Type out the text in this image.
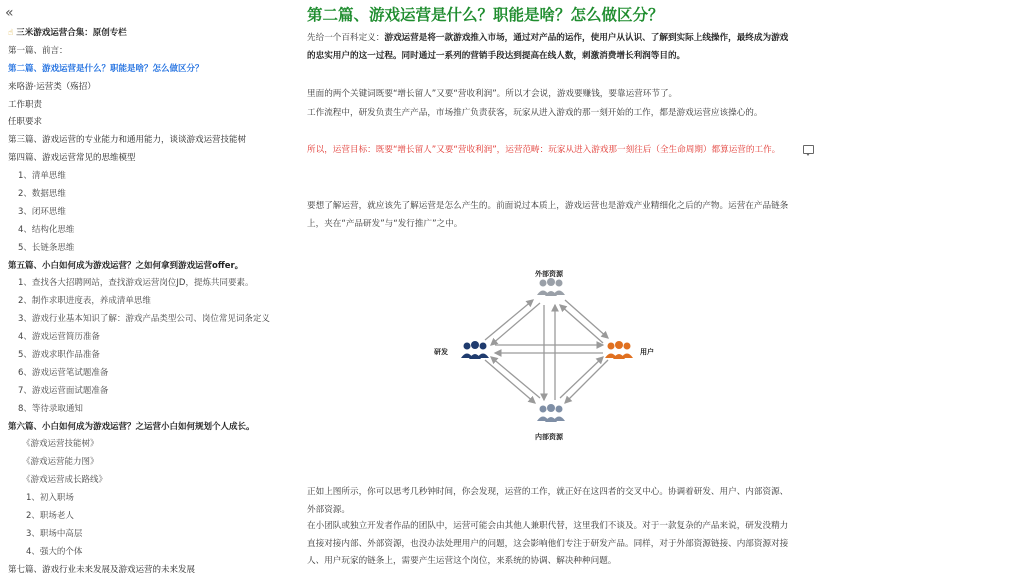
«
☝ 三米游戏运营合集：原创专栏
第一篇、前言：
第二篇、游戏运营是什么？职能是啥？怎么做区分？
来咯游·运营类（殇招）
工作职责
任职要求
第三篇、游戏运营的专业能力和通用能力，谈谈游戏运营技能树
第四篇、游戏运营常见的思维模型
1、清单思维
2、数据思维
3、闭环思维
4、结构化思维
5、长链条思维
第五篇、小白如何成为游戏运营？之如何拿到游戏运营offer。
1、查找各大招聘网站，查找游戏运营岗位JD，提炼共同要素。
2、制作求职进度表，养成清单思维
3、游戏行业基本知识了解：游戏产品类型公司、岗位常见词条定义
4、游戏运营简历准备
5、游戏求职作品准备
6、游戏运营笔试题准备
7、游戏运营面试题准备
8、等待录取通知
第六篇、小白如何成为游戏运营？之运营小白如何规划个人成长。
《游戏运营技能树》
《游戏运营能力图》
《游戏运营成长路线》
1、初入职场
2、职场老人
3、职场中高层
4、强大的个体
第七篇、游戏行业未来发展及游戏运营的未来发展
第二篇、游戏运营是什么？职能是啥？怎么做区分？
先给一个百科定义：游戏运营是将一款游戏推入市场，通过对产品的运作，使用户从认识、了解到实际上线操作，最终成为游戏的忠实用户的这一过程。同时通过一系列的营销手段达到提高在线人数，刺激消费增长利润等目的。
里面的两个关键词既要“增长留人”又要“营收利润”。所以才会说，游戏要赚钱，要靠运营环节了。
工作流程中，研发负责生产产品，市场推广负责获客，玩家从进入游戏的那一刻开始的工作，都是游戏运营应该操心的。
所以，运营目标：既要“增长留人”又要“营收利润”，运营范畴：玩家从进入游戏那一刻往后（全生命周期）都算运营的工作。
要想了解运营，就应该先了解运营是怎么产生的。前面说过本质上，游戏运营也是游戏产业精细化之后的产物。运营在产品链条上，夹在“产品研发”与“发行推广”之中。
外部资源
研发	用户
内部资源
正如上图所示，你可以思考几秒钟时间，你会发现，运营的工作，就正好在这四者的交叉中心。协调着研发、用户、内部资源、外部资源。
在小团队或独立开发者作品的团队中，运营可能会由其他人兼职代替，这里我们不谈及。对于一款复杂的产品来说，研发没精力直接对接内部、外部资源，也没办法处理用户的问题，这会影响他们专注于研发产品。同样，对于外部资源链接、内部资源对接人、用户玩家的链条上，需要产生运营这个岗位，来系统的协调、解决种种问题。
